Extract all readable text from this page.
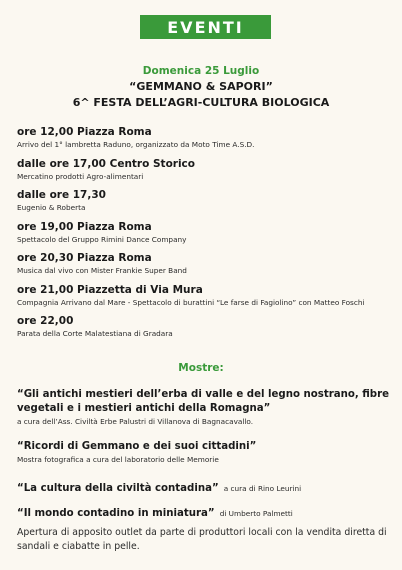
EVENTI
Domenica 25 Luglio
“GEMMANO & SAPORI”
6^ FESTA DELL’AGRI-CULTURA BIOLOGICA
ore 12,00 Piazza Roma
Arrivo del 1° lambretta Raduno, organizzato da Moto Time A.S.D.
dalle ore 17,00 Centro Storico
Mercatino prodotti Agro-alimentari
dalle ore 17,30
Eugenio & Roberta
ore 19,00 Piazza Roma
Spettacolo del Gruppo Rimini Dance Company
ore 20,30 Piazza Roma
Musica dal vivo con Mister Frankie Super Band
ore 21,00 Piazzetta di Via Mura
Compagnia Arrivano dal Mare - Spettacolo di burattini “Le farse di Fagiolino” con Matteo Foschi
ore 22,00
Parata della Corte Malatestiana di Gradara
Mostre:
“Gli antichi mestieri dell’erba di valle e del legno nostrano, fibre vegetali e i mestieri antichi della Romagna”
a cura dell’Ass. Civiltà Erbe Palustri di Villanova di Bagnacavallo.
“Ricordi di Gemmano e dei suoi cittadini”
Mostra fotografica a cura del laboratorio delle Memorie
“La cultura della civiltà contadina” a cura di Rino Leurini
“Il mondo contadino in miniatura” di Umberto Palmetti
Apertura di apposito outlet da parte di produttori locali con la vendita diretta di sandali e ciabatte in pelle.
